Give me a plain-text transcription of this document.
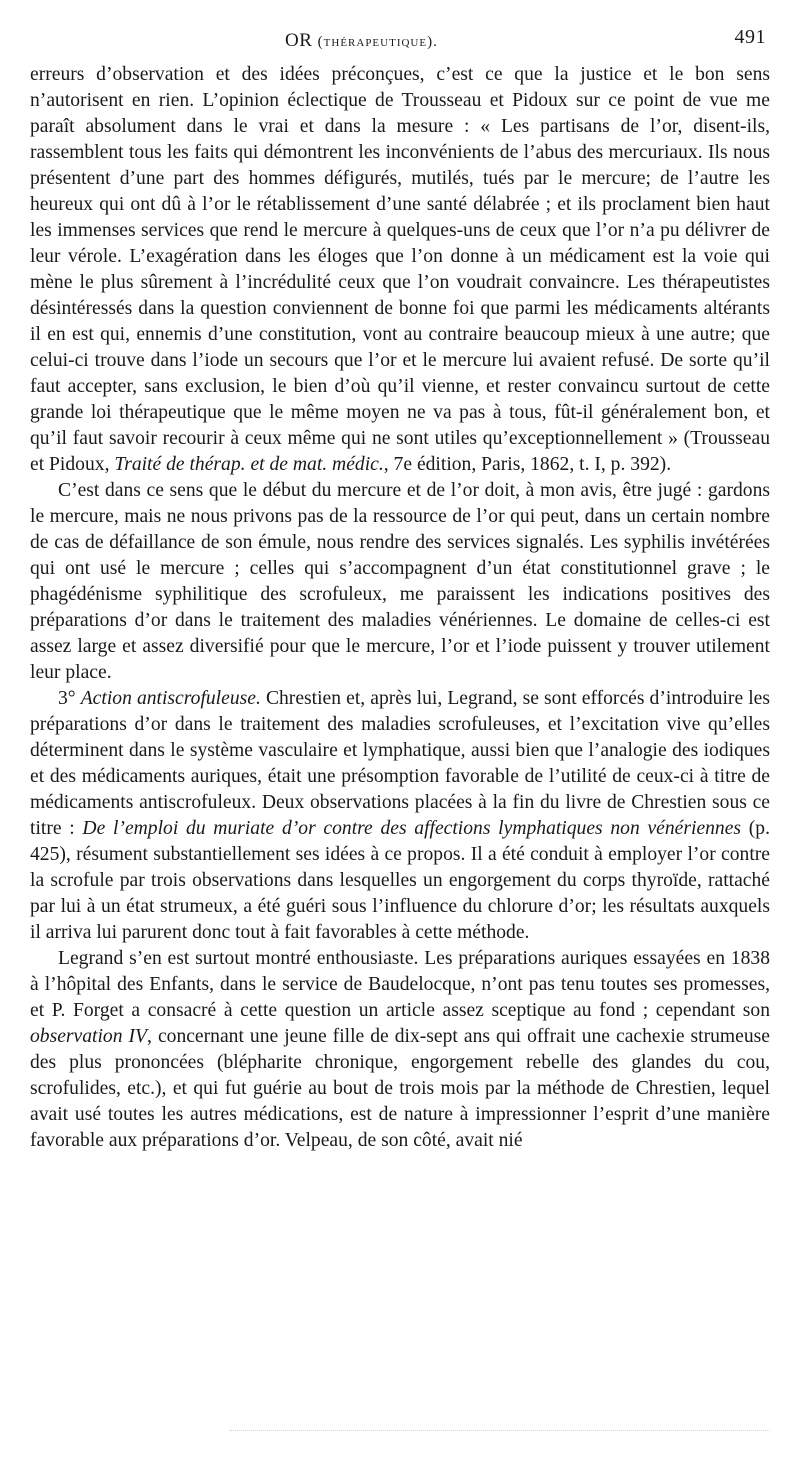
OR (thérapeutique).	491

erreurs d’observation et des idées préconçues, c’est ce que la justice et le bon sens n’autorisent en rien. L’opinion éclectique de Trousseau et Pidoux sur ce point de vue me paraît absolument dans le vrai et dans la mesure : « Les partisans de l’or, disent-ils, rassemblent tous les faits qui démontrent les inconvénients de l’abus des mercuriaux. Ils nous présentent d’une part des hommes défigurés, mutilés, tués par le mercure; de l’autre les heureux qui ont dû à l’or le rétablissement d’une santé délabrée ; et ils proclament bien haut les immenses services que rend le mercure à quelques-uns de ceux que l’or n’a pu délivrer de leur vérole. L’exagération dans les éloges que l’on donne à un médicament est la voie qui mène le plus sûrement à l’incrédulité ceux que l’on voudrait convaincre. Les thérapeutistes désintéressés dans la question conviennent de bonne foi que parmi les médicaments altérants il en est qui, ennemis d’une constitution, vont au contraire beaucoup mieux à une autre; que celui-ci trouve dans l’iode un secours que l’or et le mercure lui avaient refusé. De sorte qu’il faut accepter, sans exclusion, le bien d’où qu’il vienne, et rester convaincu surtout de cette grande loi thérapeutique que le même moyen ne va pas à tous, fût-il généralement bon, et qu’il faut savoir recourir à ceux même qui ne sont utiles qu’exceptionnellement » (Trousseau et Pidoux, Traité de thérap. et de mat. médic., 7e édition, Paris, 1862, t. I, p. 392).

C’est dans ce sens que le début du mercure et de l’or doit, à mon avis, être jugé : gardons le mercure, mais ne nous privons pas de la ressource de l’or qui peut, dans un certain nombre de cas de défaillance de son émule, nous rendre des services signalés. Les syphilis invétérées qui ont usé le mercure ; celles qui s’accompagnent d’un état constitutionnel grave ; le phagédénisme syphilitique des scrofuleux, me paraissent les indications positives des préparations d’or dans le traitement des maladies vénériennes. Le domaine de celles-ci est assez large et assez diversifié pour que le mercure, l’or et l’iode puissent y trouver utilement leur place.

3° Action antiscrofuleuse. Chrestien et, après lui, Legrand, se sont efforcés d’introduire les préparations d’or dans le traitement des maladies scrofuleuses, et l’excitation vive qu’elles déterminent dans le système vasculaire et lymphatique, aussi bien que l’analogie des iodiques et des médicaments auriques, était une présomption favorable de l’utilité de ceux-ci à titre de médicaments antiscrofuleux. Deux observations placées à la fin du livre de Chrestien sous ce titre : De l’emploi du muriate d’or contre des affections lymphatiques non vénériennes (p. 425), résument substantiellement ses idées à ce propos. Il a été conduit à employer l’or contre la scrofule par trois observations dans lesquelles un engorgement du corps thyroïde, rattaché par lui à un état strumeux, a été guéri sous l’influence du chlorure d’or; les résultats auxquels il arriva lui parurent donc tout à fait favorables à cette méthode.

Legrand s’en est surtout montré enthousiaste. Les préparations auriques essayées en 1838 à l’hôpital des Enfants, dans le service de Baudelocque, n’ont pas tenu toutes ses promesses, et P. Forget a consacré à cette question un article assez sceptique au fond ; cependant son observation IV, concernant une jeune fille de dix-sept ans qui offrait une cachexie strumeuse des plus prononcées (blépharite chronique, engorgement rebelle des glandes du cou, scrofulides, etc.), et qui fut guérie au bout de trois mois par la méthode de Chrestien, lequel avait usé toutes les autres médications, est de nature à impressionner l’esprit d’une manière favorable aux préparations d’or. Velpeau, de son côté, avait nié
